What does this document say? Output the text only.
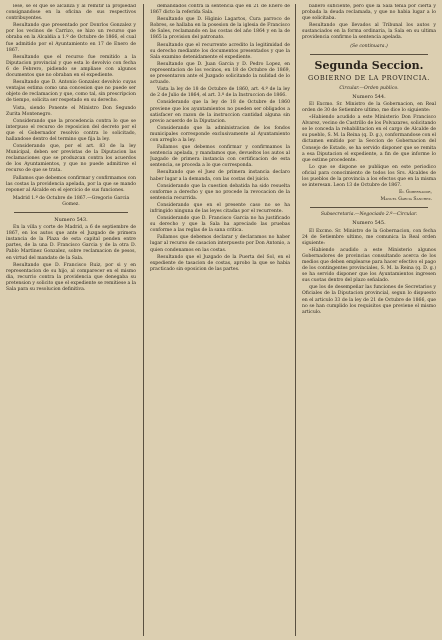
lese, se el que se alcanza y al remitir la propiedad consignandose en la oficina de sus respectivos contribuyentes.

Resultando que presentado por Donrlos Gonzalez y por los vecinos de Carrizo, se hizo un recurso que obraba en la Alcaldia a 1.º de Octubre de 1866, el cual fue admitido por el Ayuntamiento en 17 de Enero de 1867.

Resultando que el recurso fue remitido a la Diputacion provincial y que esta lo devolvio con fecha 6 de Febrero, pidiendo se ampliase con algunos documentos que no obraban en el expediente.

Resultando que D. Antonio Gonzalez devolvio cuyas ventajas estima como una concesion que no puede ser objeto de reclamacion y que, como tal, sin prescripcion de tiempo, solicita ser respetado en su derecho.

Vista, siendo Ponente el Ministro Don Segundo Zurita Montenegro.

Considerando que la procedencia contra lo que se interpuso el recurso de reposicion del decreto por el que el Gobernador resolvio contra lo solicitado, hallandose dentro del termino que fija la ley.

Considerando que, por el art. 83 de la ley Municipal, deben ser previstas de la Diputacion las reclamaciones que se produzcan contra los acuerdos de los Ayuntamientos, y que no puede admitirse el recurso de que se trata.

Fallamos que debemos confirmar y confirmamos con las costas la providencia apelada, por la que se mando reponer al Alcalde en el ejercicio de sus funciones.

Madrid 1.º de Octubre de 1867.—Gregorio Garcia Gomez.

Numero 543.

En la villa y corte de Madrid, a 6 de septiembre de 1867, en los autos que ante el Juzgado de primera instancia de la Plaza de esta capital penden entre partes, de la una D. Francisco Garcia y de la otra D. Pablo Martinez Gonzalez, sobre reclamacion de pesos, en virtud del mandato de la Sala.

Resultando que D. Francisco Ruiz, por si y en representacion de su hijo, al comparecer en el mismo dia, recurrio contra la providencia que denegaba su pretension y solicito que el expediente se remitiese a la Sala para su resolucion definitiva.

demandados contra la sentencia que en 21 de Enero de 1867 dicto la referida Sala.

Resultando que D. Higinio Lagartos, Cura parroco de Robres, se hallaba en la posesion de la iglesia de Francisco de Sales, reclamando en las costas del año 1864 y en la de 1865 la provision del patronato.

Resultando que el recurrente acredito la legitimidad de su derecho mediante los documentos presentados y que la Sala examino detenidamente el expediente.

Resultando que D. Juan Garcia y D. Pedro Lopez, en representacion de los vecinos, en 18 de Octubre de 1869, se presentaron ante el Juzgado solicitando la nulidad de lo actuado.

Vista la ley de 18 de Octubre de 1860, art. 4.º de la ley de 2 de Julio de 1864, el art. 3.º de la Instruccion de 1866.

Considerando que la ley de 18 de Octubre de 1860 previene que los ayuntamientos no pueden ser obligados a satisfacer en razon de la instruccion cantidad alguna sin previo acuerdo de la Diputacion.

Considerando que la administracion de los fondos municipales corresponde exclusivamente al Ayuntamiento con arreglo a la ley.

Fallamos que debemos confirmar y confirmamos la sentencia apelada, y mandamos que, devueltos los autos al Juzgado de primera instancia con certificacion de esta sentencia, se proceda a lo que corresponda.

Resultando que el Juez de primera instancia declaro haber lugar a la demanda, con las costas del juicio.

Considerando que la cuestion debatida ha sido resuelta conforme a derecho y que no procede la revocacion de la sentencia recurrida.

Considerando que en el presente caso no se ha infringido ninguna de las leyes citadas por el recurrente.

Considerando que D. Francisco Garcia no ha justificado su derecho y que la Sala ha apreciado las pruebas conforme a las reglas de la sana critica.

Fallamos que debemos declarar y declaramos no haber lugar al recurso de casacion interpuesto por Don Antonio, a quien condenamos en las costas.

Resultando que el Juzgado de la Puerta del Sol, en el expediente de tasacion de costas, aprobo la que se habia practicado sin oposicion de las partes.

ballero suficiente, pero que la Sala tenia por cierta y probada la deuda reclamada, y que no habia lugar a lo que solicitaba.

Resultando que llevados al Tribunal los autos y sustanciados en la forma ordinaria, la Sala en su ultima providencia confirmo la sentencia apelada.

(Se continuara.)

Segunda Seccion.
GOBIERNO DE LA PROVINCIA.

Circular.—Orden publico.

Numero 544.

El Excmo. Sr. Ministro de la Gobernacion, en Real orden de 30 de Setiembre ultimo, me dice lo siguiente:

«Habiendo acudido a este Ministerio Don Francisco Alvarez, vecino de Castrillo de los Polvazares, solicitando se le conceda la rehabilitacion en el cargo de Alcalde de su pueblo, S. M. la Reina (q. D. g.), conformandose con el dictamen emitido por la Seccion de Gobernacion del Consejo de Estado, se ha servido disponer que se remita a esa Diputacion el expediente, a fin de que informe lo que estime procedente.

Lo que se dispone se publique en este periodico oficial para conocimiento de todos los Srs. Alcaldes de los pueblos de la provincia a los efectos que en la misma se interesan. Leon 13 de Octubre de 1867.

El Gobernador,

Manuel Garcia Sanchez.

Subsecretaria.—Negociado 2.º—Circular.

Numero 545.

El Excmo. Sr. Ministro de la Gobernacion, con fecha 24 de Setiembre ultimo, me comunica la Real orden siguiente:

«Habiendo acudido a este Ministerio algunos Gobernadores de provincias consultando acerca de los medios que deben emplearse para hacer efectivo el pago de los contingentes provinciales, S. M. la Reina (q. D. g.) se ha servido disponer que los Ayuntamientos ingresen sus cuotas dentro del plazo señalado.

que los de desempeñar las funciones de Secretarios y Oficiales de la Diputacion provincial, segun lo dispuesto en el articulo 33 de la ley de 21 de Octubre de 1866, que no se han cumplido los requisitos que previene el mismo articulo.
